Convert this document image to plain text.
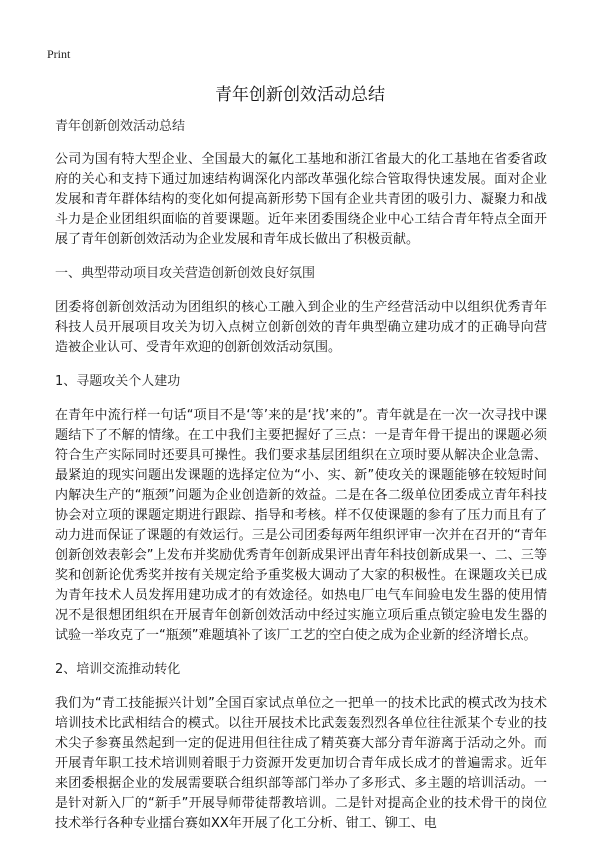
Print
青年创新创效活动总结

青年创新创效活动总结

公司为国有特大型企业、全国最大的氟化工基地和浙江省最大的化工基地在省委省政府的关心和支持下通过加速结构调深化内部改革强化综合管取得快速发展。面对企业发展和青年群体结构的变化如何提高新形势下国有企业共青团的吸引力、凝聚力和战斗力是企业团组织面临的首要课题。近年来团委围绕企业中心工结合青年特点全面开展了青年创新创效活动为企业发展和青年成长做出了积极贡献。

一、典型带动项目攻关营造创新创效良好氛围

团委将创新创效活动为团组织的核心工融入到企业的生产经营活动中以组织优秀青年科技人员开展项目攻关为切入点树立创新创效的青年典型确立建功成才的正确导向营造被企业认可、受青年欢迎的创新创效活动氛围。

1、寻题攻关个人建功

在青年中流行样一句话“项目不是‘等’来的是‘找’来的”。青年就是在一次一次寻找中课题结下了不解的情缘。在工中我们主要把握好了三点：一是青年骨干提出的课题必须符合生产实际同时还要具可操性。我们要求基层团组织在立项时要从解决企业急需、最紧迫的现实问题出发课题的选择定位为“小、实、新”使攻关的课题能够在较短时间内解决生产的“瓶颈”问题为企业创造新的效益。二是在各二级单位团委成立青年科技协会对立项的课题定期进行跟踪、指导和考核。样不仅使课题的参有了压力而且有了动力进而保证了课题的有效运行。三是公司团委每两年组织评审一次并在召开的“青年创新创效表彰会”上发布并奖励优秀青年创新成果评出青年科技创新成果一、二、三等奖和创新论优秀奖并按有关规定给予重奖极大调动了大家的积极性。在课题攻关已成为青年技术人员发挥用建功成才的有效途径。如热电厂电气车间验电发生器的使用情况不是很想团组织在开展青年创新创效活动中经过实施立项后重点锁定验电发生器的试验一举攻克了一“瓶颈”难题填补了该厂工艺的空白使之成为企业新的经济增长点。

2、培训交流推动转化

我们为“青工技能振兴计划”全国百家试点单位之一把单一的技术比武的模式改为技术培训技术比武相结合的模式。以往开展技术比武轰轰烈烈各单位往往派某个专业的技术尖子参赛虽然起到一定的促进用但往往成了精英赛大部分青年游离于活动之外。而开展青年职工技术培训则着眼于力资源开发更加切合青年成长成才的普遍需求。近年来团委根据企业的发展需要联合组织部等部门举办了多形式、多主题的培训活动。一是针对新入厂的“新手”开展导师带徒帮教培训。二是针对提高企业的技术骨干的岗位技术举行各种专业擂台赛如XX年开展了化工分析、钳工、铆工、电
